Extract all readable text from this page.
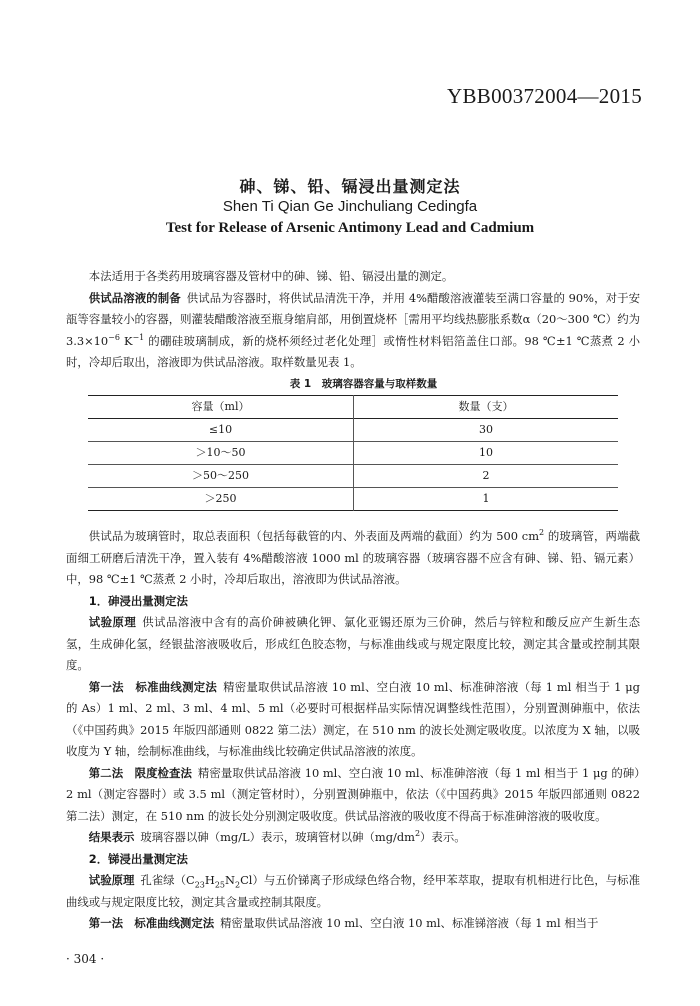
YBB00372004—2015
砷、锑、铅、镉浸出量测定法
Shen Ti Qian Ge Jinchuliang Cedingfa
Test for Release of Arsenic Antimony Lead and Cadmium

本法适用于各类药用玻璃容器及管材中的砷、锑、铅、镉浸出量的测定。

供试品溶液的制备 供试品为容器时，将供试品清洗干净，并用 4%醋酸溶液灌装至满口容量的 90%，对于安瓿等容量较小的容器，则灌装醋酸溶液至瓶身缩肩部，用倒置烧杯［需用平均线热膨胀系数α（20～300 ℃）约为 $3.3\times 10^{-6}$ $K^{-1}$ 的硼硅玻璃制成，新的烧杯须经过老化处理］或惰性材料铝箔盖住口部。98 ℃±1 ℃蒸煮 2 小时，冷却后取出，溶液即为供试品溶液。取样数量见表 1。

表 1　玻璃容器容量与取样数量

容量（ml）	数量（支）
≤10	30
＞10～50	10
＞50～250	2
＞250	1

供试品为玻璃管时，取总表面积（包括每截管的内、外表面及两端的截面）约为 500 $cm^2$ 的玻璃管，两端截面细工研磨后清洗干净，置入装有 4%醋酸溶液 1000 ml 的玻璃容器（玻璃容器不应含有砷、锑、铅、镉元素）中，98 ℃±1 ℃蒸煮 2 小时，冷却后取出，溶液即为供试品溶液。

1．砷浸出量测定法

试验原理 供试品溶液中含有的高价砷被碘化钾、氯化亚锡还原为三价砷，然后与锌粒和酸反应产生新生态氢，生成砷化氢，经银盐溶液吸收后，形成红色胶态物，与标准曲线或与规定限度比较，测定其含量或控制其限度。

第一法　标准曲线测定法 精密量取供试品溶液 10 ml、空白液 10 ml、标准砷溶液（每 1 ml 相当于 1 μg 的 As）1 ml、2 ml、3 ml、4 ml、5 ml（必要时可根据样品实际情况调整线性范围），分别置测砷瓶中，依法（《中国药典》2015 年版四部通则 0822 第二法）测定，在 510 nm 的波长处测定吸收度。以浓度为 X 轴，以吸收度为 Y 轴，绘制标准曲线，与标准曲线比较确定供试品溶液的浓度。

第二法　限度检查法 精密量取供试品溶液 10 ml、空白液 10 ml、标准砷溶液（每 1 ml 相当于 1 μg 的砷）2 ml（测定容器时）或 3.5 ml（测定管材时），分别置测砷瓶中，依法（《中国药典》2015 年版四部通则 0822 第二法）测定，在 510 nm 的波长处分别测定吸收度。供试品溶液的吸收度不得高于标准砷溶液的吸收度。

结果表示 玻璃容器以砷（mg/L）表示，玻璃管材以砷$(mg/dm^2)$表示。

2．锑浸出量测定法

试验原理 孔雀绿$(C_{23}H_{25}N_2Cl)$与五价锑离子形成绿色络合物，经甲苯萃取，提取有机相进行比色，与标准曲线或与规定限度比较，测定其含量或控制其限度。

第一法　标准曲线测定法 精密量取供试品溶液 10 ml、空白液 10 ml、标准锑溶液（每 1 ml 相当于

· 304 ·
